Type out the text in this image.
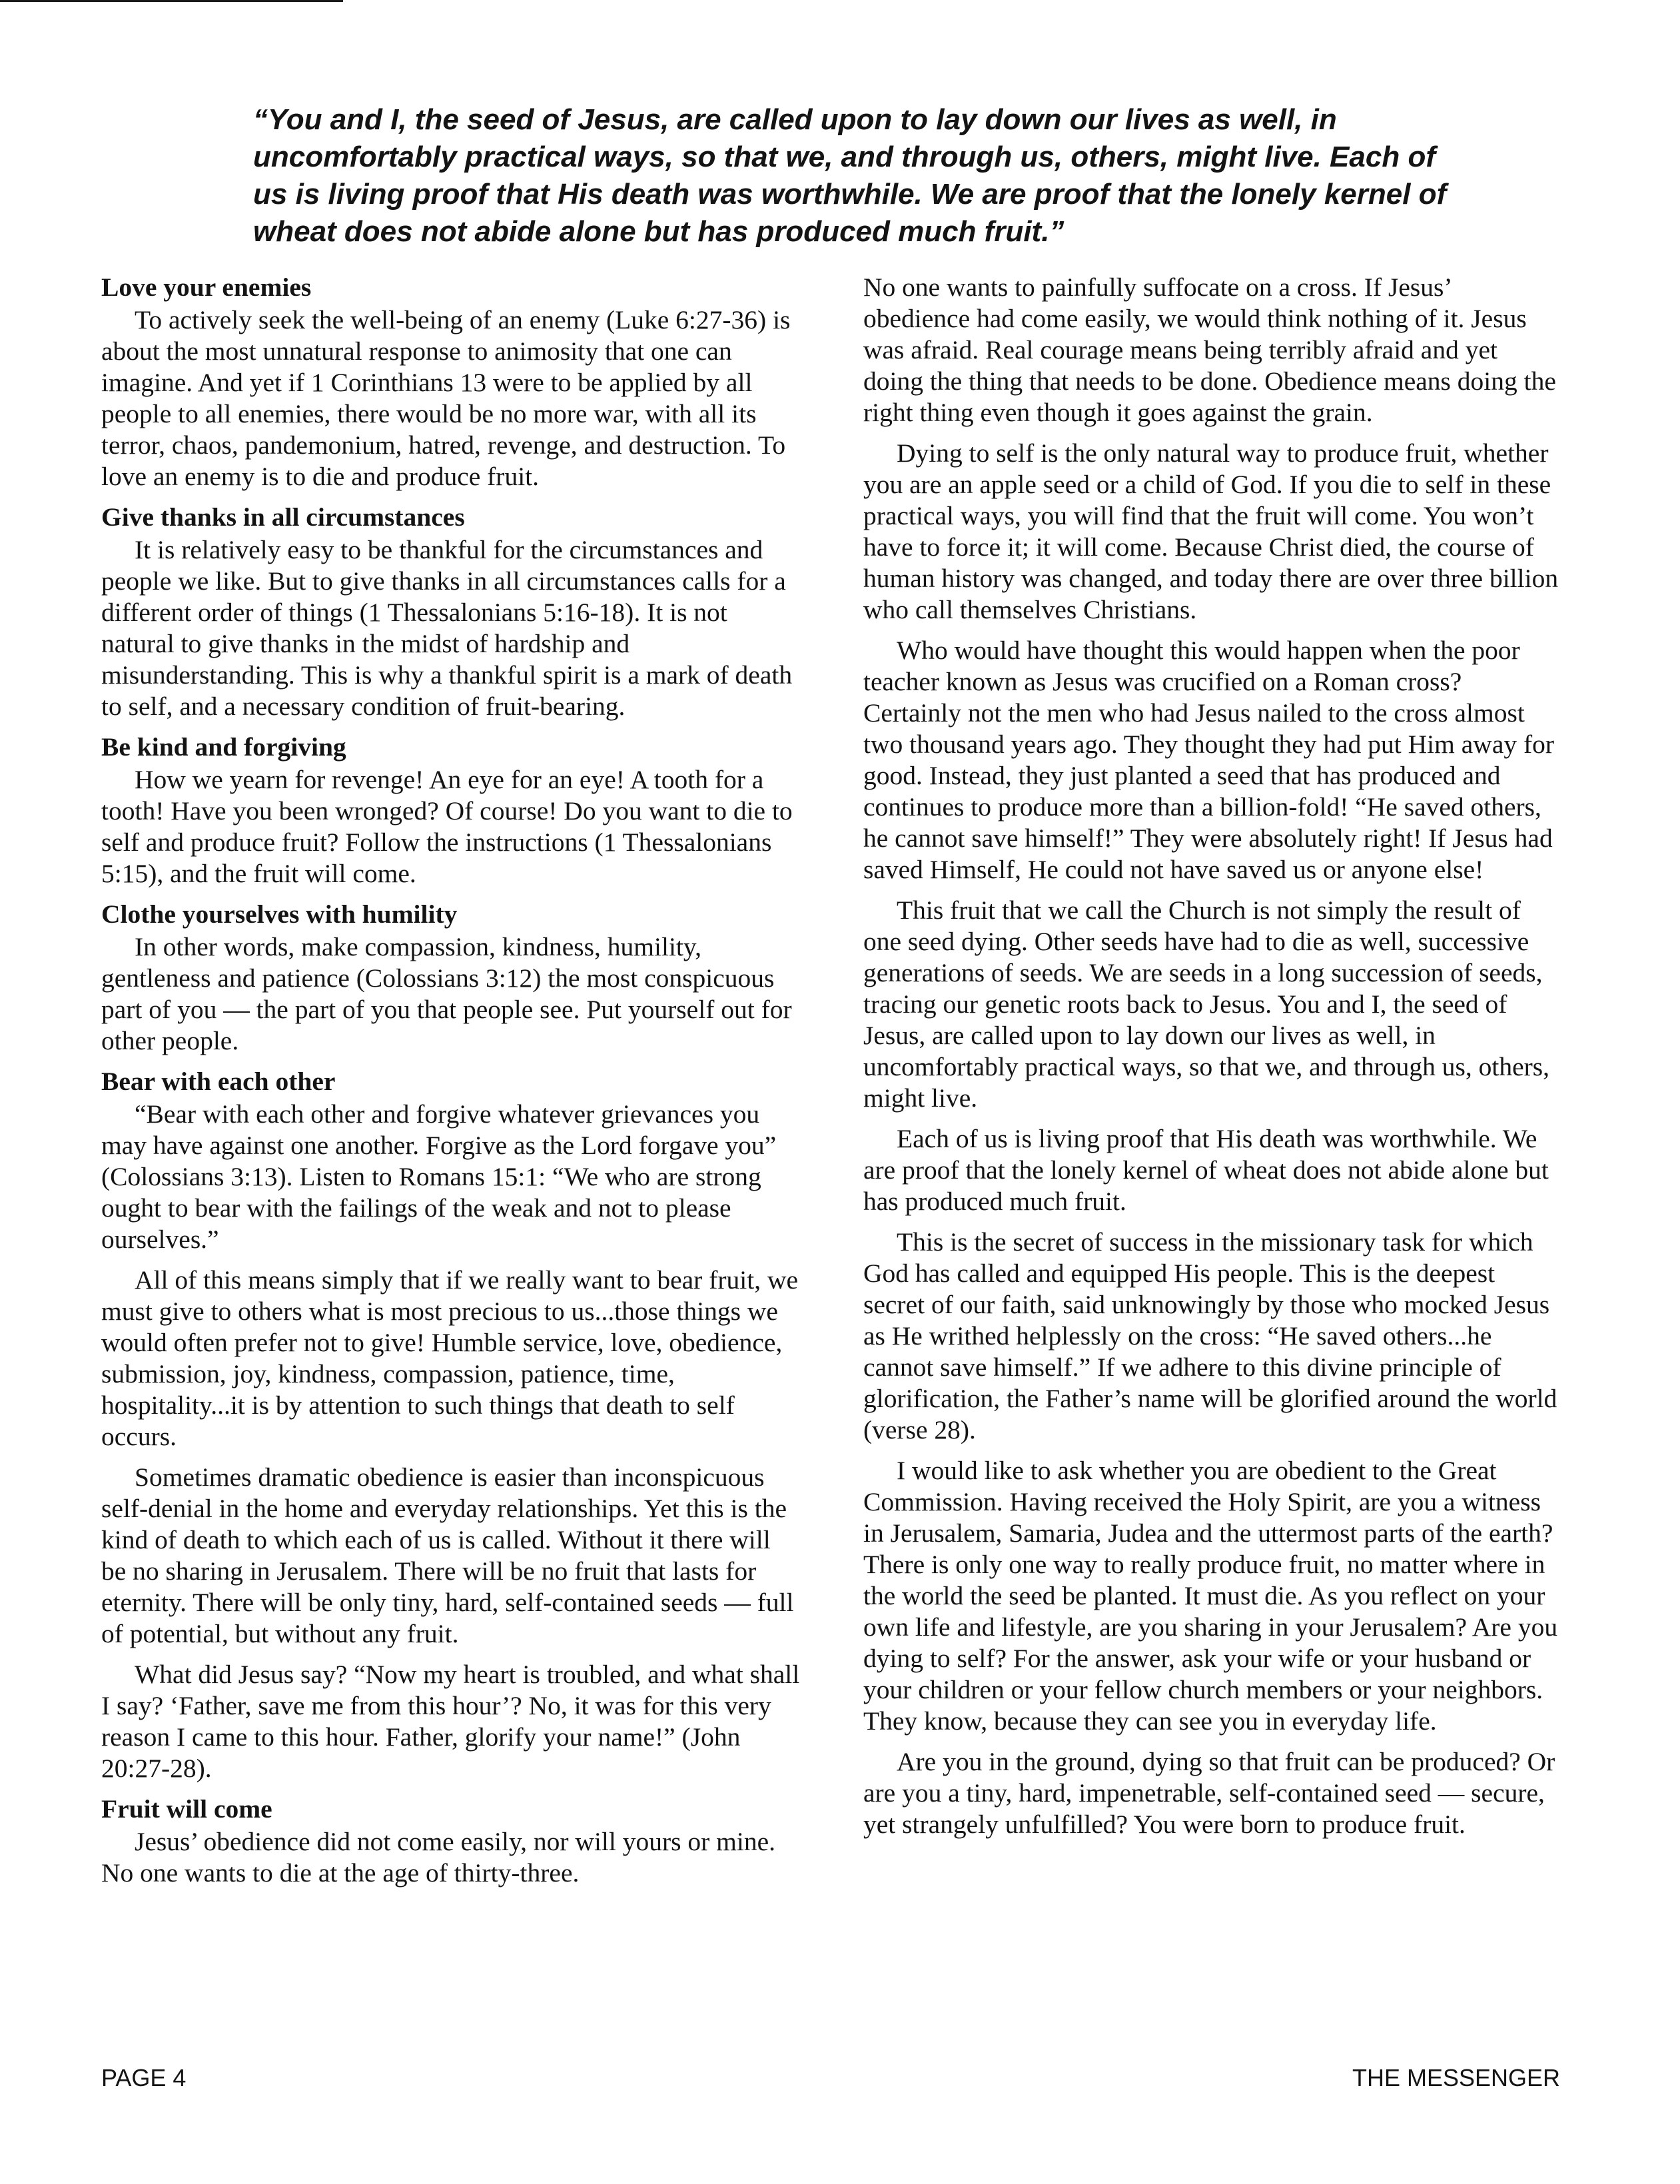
“You and I, the seed of Jesus, are called upon to lay down our lives as well, in uncomfortably practical ways, so that we, and through us, others, might live. Each of us is living proof that His death was worthwhile. We are proof that the lonely kernel of wheat does not abide alone but has produced much fruit.”

Love your enemies

To actively seek the well-being of an enemy (Luke 6:27-36) is about the most unnatural response to animosity that one can imagine. And yet if 1 Corinthians 13 were to be applied by all people to all enemies, there would be no more war, with all its terror, chaos, pandemonium, hatred, revenge, and destruction. To love an enemy is to die and produce fruit.

Give thanks in all circumstances

It is relatively easy to be thankful for the circumstances and people we like. But to give thanks in all circumstances calls for a different order of things (1 Thessalonians 5:16-18). It is not natural to give thanks in the midst of hardship and misunderstanding. This is why a thankful spirit is a mark of death to self, and a necessary condition of fruit-bearing.

Be kind and forgiving

How we yearn for revenge! An eye for an eye! A tooth for a tooth! Have you been wronged? Of course! Do you want to die to self and produce fruit? Follow the instructions (1 Thessalonians 5:15), and the fruit will come.

Clothe yourselves with humility

In other words, make compassion, kindness, humility, gentleness and patience (Colossians 3:12) the most conspicuous part of you — the part of you that people see. Put yourself out for other people.

Bear with each other

“Bear with each other and forgive whatever grievances you may have against one another. Forgive as the Lord forgave you” (Colossians 3:13). Listen to Romans 15:1: “We who are strong ought to bear with the failings of the weak and not to please ourselves.”

All of this means simply that if we really want to bear fruit, we must give to others what is most precious to us...those things we would often prefer not to give! Humble service, love, obedience, submission, joy, kindness, compassion, patience, time, hospitality...it is by attention to such things that death to self occurs.

Sometimes dramatic obedience is easier than inconspicuous self-denial in the home and everyday relationships. Yet this is the kind of death to which each of us is called. Without it there will be no sharing in Jerusalem. There will be no fruit that lasts for eternity. There will be only tiny, hard, self-contained seeds — full of potential, but without any fruit.

What did Jesus say? “Now my heart is troubled, and what shall I say? ‘Father, save me from this hour’? No, it was for this very reason I came to this hour. Father, glorify your name!” (John 20:27-28).

Fruit will come

Jesus’ obedience did not come easily, nor will yours or mine. No one wants to die at the age of thirty-three.

No one wants to painfully suffocate on a cross. If Jesus’ obedience had come easily, we would think nothing of it. Jesus was afraid. Real courage means being terribly afraid and yet doing the thing that needs to be done. Obedience means doing the right thing even though it goes against the grain.

Dying to self is the only natural way to produce fruit, whether you are an apple seed or a child of God. If you die to self in these practical ways, you will find that the fruit will come. You won’t have to force it; it will come. Because Christ died, the course of human history was changed, and today there are over three billion who call themselves Christians.

Who would have thought this would happen when the poor teacher known as Jesus was crucified on a Roman cross? Certainly not the men who had Jesus nailed to the cross almost two thousand years ago. They thought they had put Him away for good. Instead, they just planted a seed that has produced and continues to produce more than a billion-fold! “He saved others, he cannot save himself!” They were absolutely right! If Jesus had saved Himself, He could not have saved us or anyone else!

This fruit that we call the Church is not simply the result of one seed dying. Other seeds have had to die as well, successive generations of seeds. We are seeds in a long succession of seeds, tracing our genetic roots back to Jesus. You and I, the seed of Jesus, are called upon to lay down our lives as well, in uncomfortably practical ways, so that we, and through us, others, might live.

Each of us is living proof that His death was worthwhile. We are proof that the lonely kernel of wheat does not abide alone but has produced much fruit.

This is the secret of success in the missionary task for which God has called and equipped His people. This is the deepest secret of our faith, said unknowingly by those who mocked Jesus as He writhed helplessly on the cross: “He saved others...he cannot save himself.” If we adhere to this divine principle of glorification, the Father’s name will be glorified around the world (verse 28).

I would like to ask whether you are obedient to the Great Commission. Having received the Holy Spirit, are you a witness in Jerusalem, Samaria, Judea and the uttermost parts of the earth? There is only one way to really produce fruit, no matter where in the world the seed be planted. It must die. As you reflect on your own life and lifestyle, are you sharing in your Jerusalem? Are you dying to self? For the answer, ask your wife or your husband or your children or your fellow church members or your neighbors. They know, because they can see you in everyday life.

Are you in the ground, dying so that fruit can be produced? Or are you a tiny, hard, impenetrable, self-contained seed — secure, yet strangely unfulfilled? You were born to produce fruit.

PAGE 4	THE MESSENGER
